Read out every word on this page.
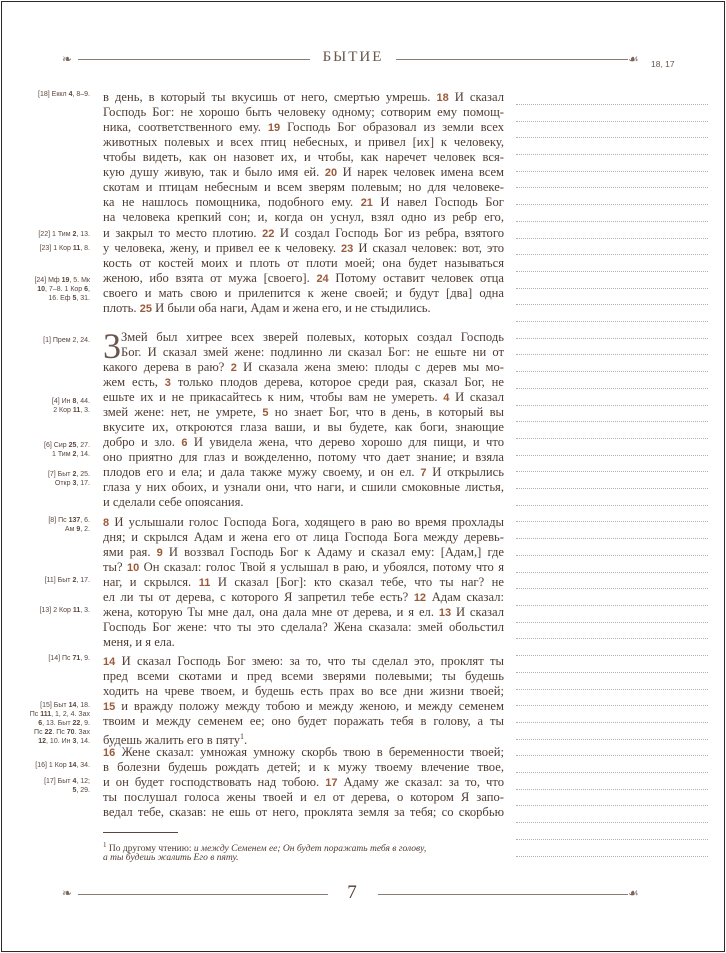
❧	БЫТИЕ	☙ 18, 17
[18] Еккл 4, 8–9.
[22] 1 Тим 2, 13.
[23] 1 Кор 11, 8.
[24] Мф 19, 5. Мк
10, 7–8. 1 Кор 6,
16. Еф 5, 31.
[1] Прем 2, 24.
[4] Ин 8, 44.
2 Кор 11, 3.
[6] Сир 25, 27.
1 Тим 2, 14.
[7] Быт 2, 25.
Откр 3, 17.
[8] Пс 137, 6.
Ам 9, 2.
[11] Быт 2, 17.
[13] 2 Кор 11, 3.
[14] Пс 71, 9.
[15] Быт 14, 18.
Пс 111, 1, 2, 4. Зах
6, 13. Быт 22, 9.
Пс 22. Пс 70. Зах
12, 10. Ин 3, 14.
[16] 1 Кор 14, 34.
[17] Быт 4, 12;
5, 29.
в день, в который ты вкусишь от него, смертью умрешь. 18 И сказал
Господь Бог: не хорошо быть человеку одному; сотворим ему помощ-
ника, соответственного ему. 19 Господь Бог образовал из земли всех
животных полевых и всех птиц небесных, и привел [их] к человеку,
чтобы видеть, как он назовет их, и чтобы, как наречет человек вся-
кую душу живую, так и было имя ей. 20 И нарек человек имена всем
скотам и птицам небесным и всем зверям полевым; но для человеке-
ка не нашлось помощника, подобного ему. 21 И навел Господь Бог
на человека крепкий сон; и, когда он уснул, взял одно из ребр его,
и закрыл то место плотию. 22 И создал Господь Бог из ребра, взятого
у человека, жену, и привел ее к человеку. 23 И сказал человек: вот, это
кость от костей моих и плоть от плоти моей; она будет называться
женою, ибо взята от мужа [своего]. 24 Потому оставит человек отца
своего и мать свою и прилепится к жене своей; и будут [два] одна
плоть. 25 И были оба наги, Адам и жена его, и не стыдились.
3 Змей был хитрее всех зверей полевых, которых создал Господь
Бог. И сказал змей жене: подлинно ли сказал Бог: не ешьте ни от
какого дерева в раю? 2 И сказала жена змею: плоды с дерев мы мо-
жем есть, 3 только плодов дерева, которое среди рая, сказал Бог, не
ешьте их и не прикасайтесь к ним, чтобы вам не умереть. 4 И сказал
змей жене: нет, не умрете, 5 но знает Бог, что в день, в который вы
вкусите их, откроются глаза ваши, и вы будете, как боги, знающие
добро и зло. 6 И увидела жена, что дерево хорошо для пищи, и что
оно приятно для глаз и вожделенно, потому что дает знание; и взяла
плодов его и ела; и дала также мужу своему, и он ел. 7 И открылись
глаза у них обоих, и узнали они, что наги, и сшили смоковные листья,
и сделали себе опоясания.
8 И услышали голос Господа Бога, ходящего в раю во время прохлады
дня; и скрылся Адам и жена его от лица Господа Бога между деревь-
ями рая. 9 И воззвал Господь Бог к Адаму и сказал ему: [Адам,] где
ты? 10 Он сказал: голос Твой я услышал в раю, и убоялся, потому что я
наг, и скрылся. 11 И сказал [Бог]: кто сказал тебе, что ты наг? не
ел ли ты от дерева, с которого Я запретил тебе есть? 12 Адам сказал:
жена, которую Ты мне дал, она дала мне от дерева, и я ел. 13 И сказал
Господь Бог жене: что ты это сделала? Жена сказала: змей обольстил
меня, и я ела.
14 И сказал Господь Бог змею: за то, что ты сделал это, проклят ты
пред всеми скотами и пред всеми зверями полевыми; ты будешь
ходить на чреве твоем, и будешь есть прах во все дни жизни твоей;
15 и вражду положу между тобою и между женою, и между семенем
твоим и между семенем ее; оно будет поражать тебя в голову, а ты
будешь жалить его в пяту$^1$.
16 Жене сказал: умножая умножу скорбь твою в беременности твоей;
в болезни будешь рождать детей; и к мужу твоему влечение твое,
и он будет господствовать над тобою. 17 Адаму же сказал: за то, что
ты послушал голоса жены твоей и ел от дерева, о котором Я запо-
ведал тебе, сказав: не ешь от него, проклята земля за тебя; со скорбью
$^1$ По другому чтению: и между Семенем ее; Он будет поражать тебя в голову,
а ты будешь жалить Его в пяту.
❧	7	☙
